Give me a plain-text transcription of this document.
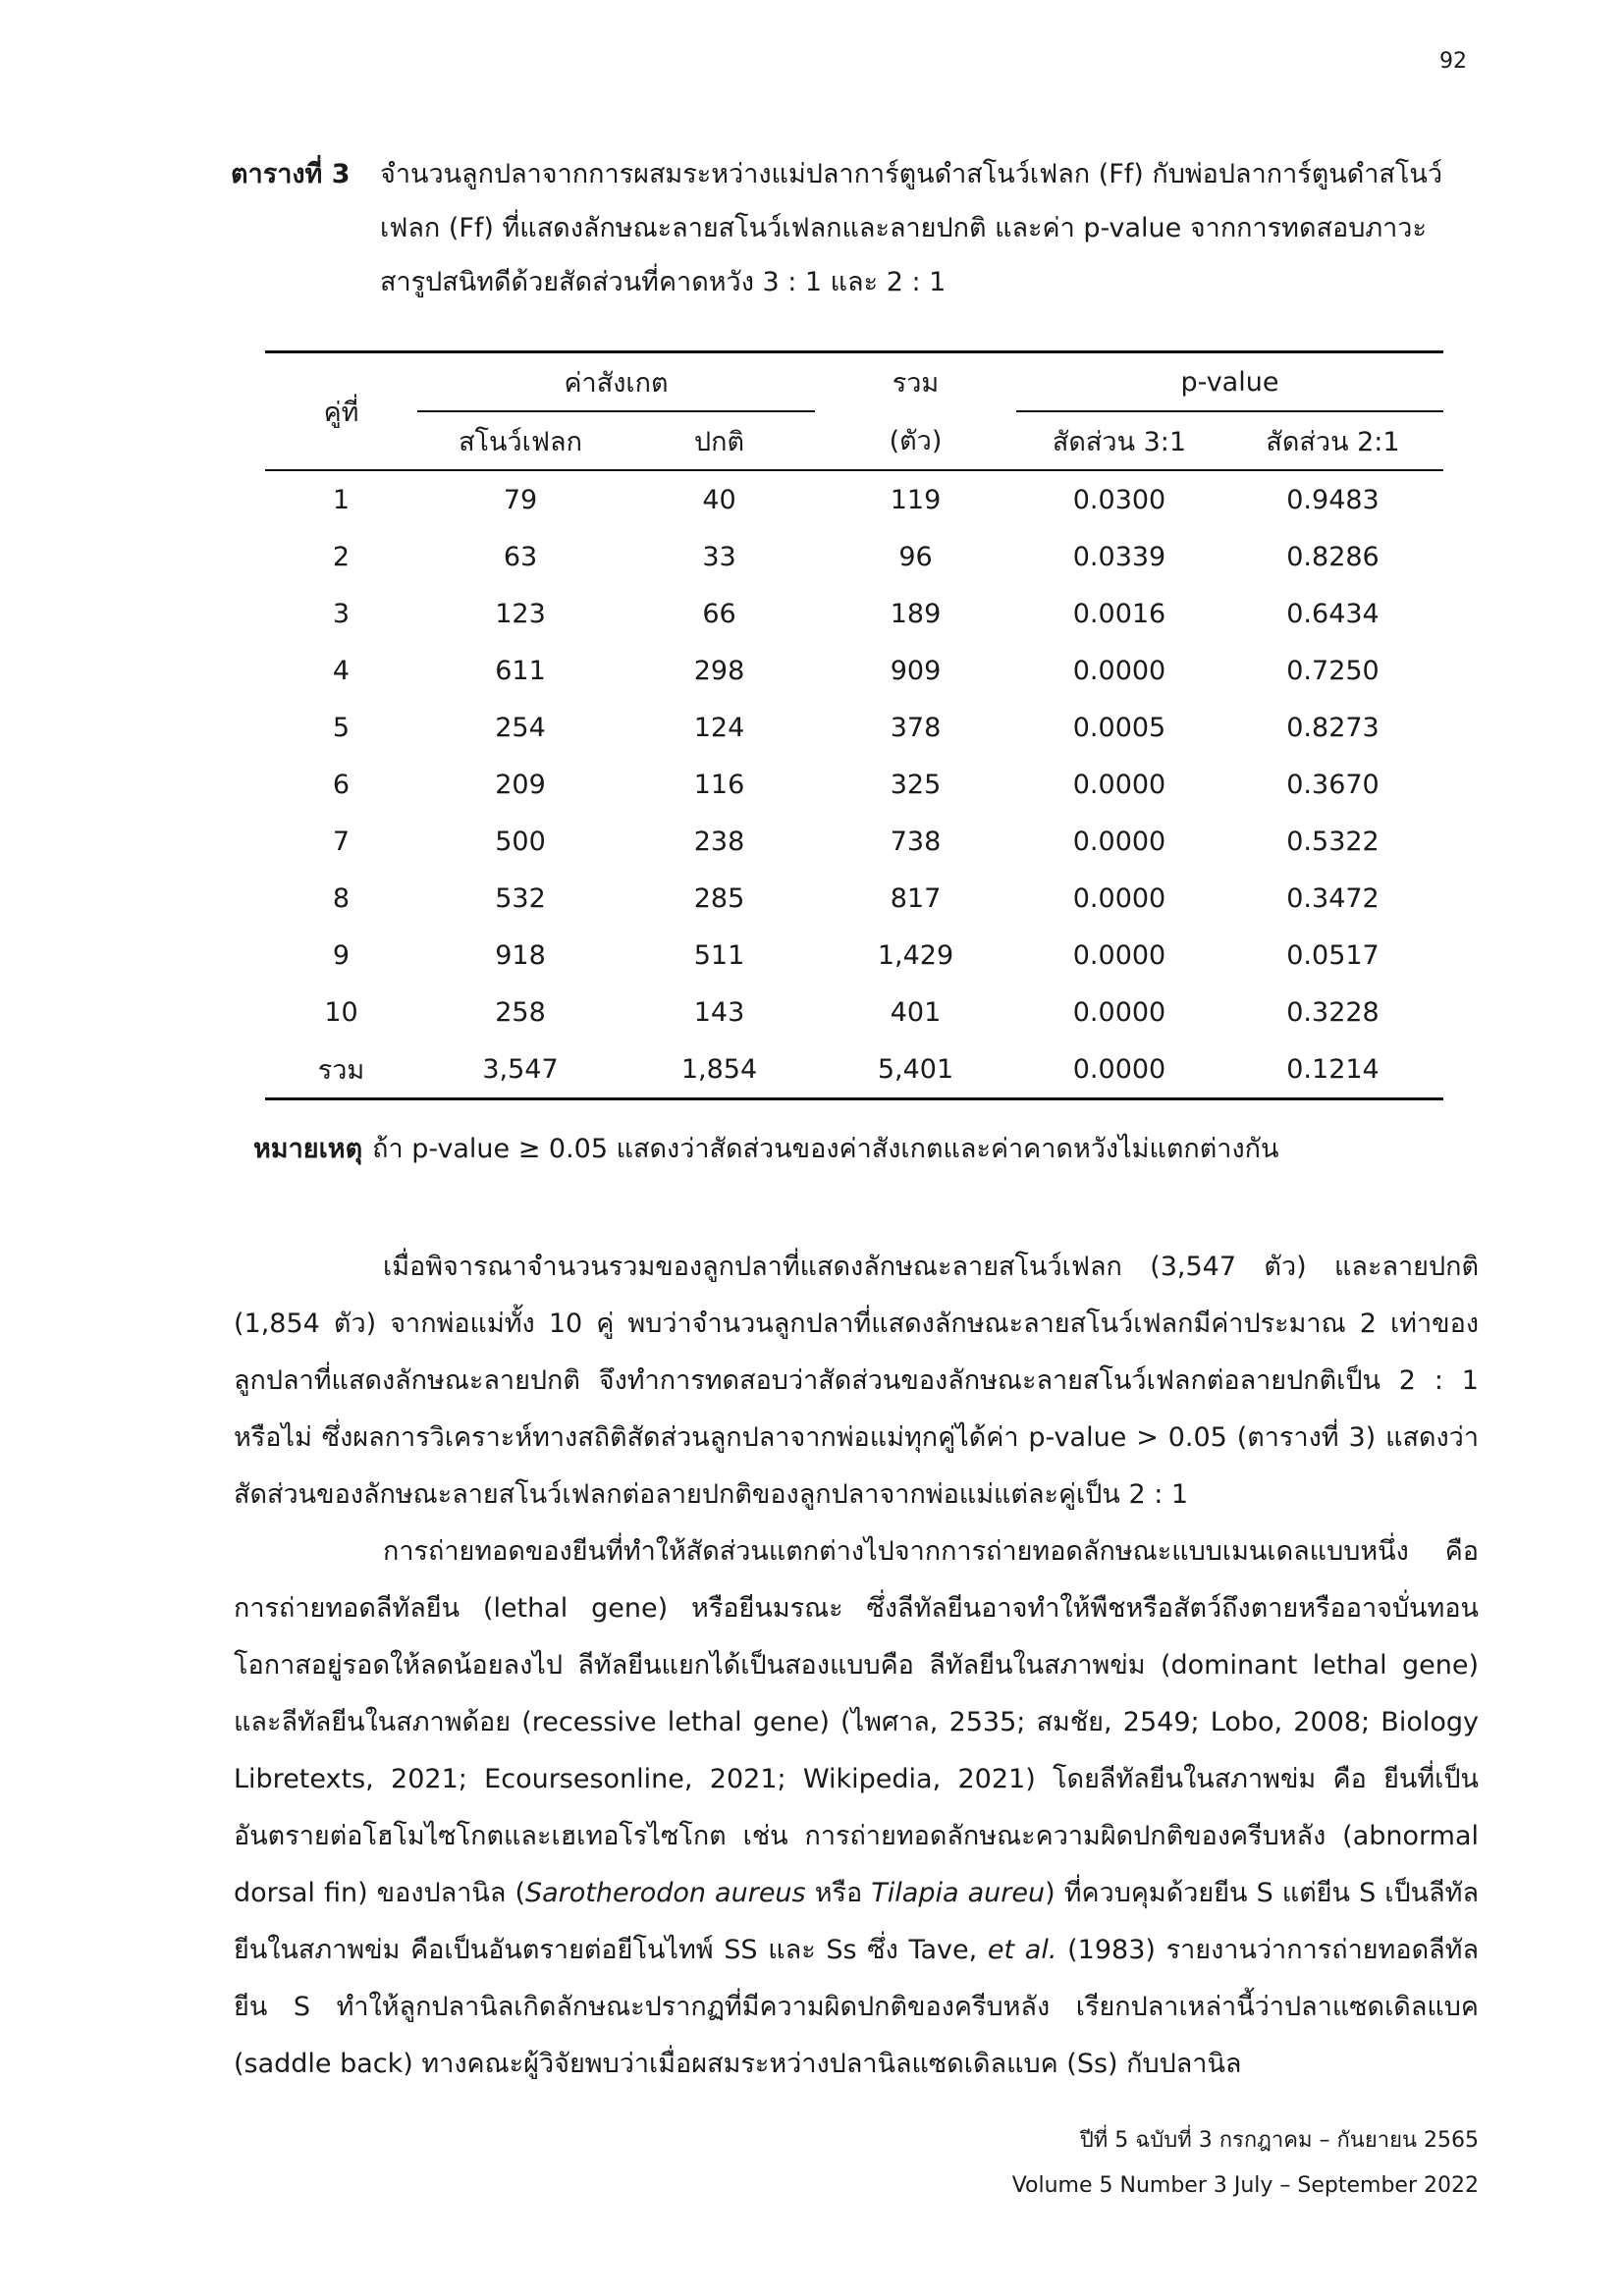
92
ตารางที่ 3	จำนวนลูกปลาจากการผสมระหว่างแม่ปลาการ์ตูนดำสโนว์เฟลก (Ff) กับพ่อปลาการ์ตูนดำสโนว์เฟลก (Ff) ที่แสดงลักษณะลายสโนว์เฟลกและลายปกติ และค่า p-value จากการทดสอบภาวะสารูปสนิทดีด้วยสัดส่วนที่คาดหวัง 3 : 1 และ 2 : 1
คู่ที่	ค่าสังเกต		รวม	p-value	
	สโนว์เฟลก	ปกติ	(ตัว)	สัดส่วน 3:1	สัดส่วน 2:1
1	79	40	119	0.0300	0.9483
2	63	33	96	0.0339	0.8286
3	123	66	189	0.0016	0.6434
4	611	298	909	0.0000	0.7250
5	254	124	378	0.0005	0.8273
6	209	116	325	0.0000	0.3670
7	500	238	738	0.0000	0.5322
8	532	285	817	0.0000	0.3472
9	918	511	1,429	0.0000	0.0517
10	258	143	401	0.0000	0.3228
รวม	3,547	1,854	5,401	0.0000	0.1214
หมายเหตุ ถ้า p-value ≥ 0.05 แสดงว่าสัดส่วนของค่าสังเกตและค่าคาดหวังไม่แตกต่างกัน

เมื่อพิจารณาจำนวนรวมของลูกปลาที่แสดงลักษณะลายสโนว์เฟลก (3,547 ตัว) และลายปกติ (1,854 ตัว) จากพ่อแม่ทั้ง 10 คู่ พบว่าจำนวนลูกปลาที่แสดงลักษณะลายสโนว์เฟลกมีค่าประมาณ 2 เท่าของลูกปลาที่แสดงลักษณะลายปกติ จึงทำการทดสอบว่าสัดส่วนของลักษณะลายสโนว์เฟลกต่อลายปกติเป็น 2 : 1 หรือไม่ ซึ่งผลการวิเคราะห์ทางสถิติสัดส่วนลูกปลาจากพ่อแม่ทุกคู่ได้ค่า p-value > 0.05 (ตารางที่ 3) แสดงว่าสัดส่วนของลักษณะลายสโนว์เฟลกต่อลายปกติของลูกปลาจากพ่อแม่แต่ละคู่เป็น 2 : 1

การถ่ายทอดของยีนที่ทำให้สัดส่วนแตกต่างไปจากการถ่ายทอดลักษณะแบบเมนเดลแบบหนึ่ง คือ การถ่ายทอดลีทัลยีน (lethal gene) หรือยีนมรณะ ซึ่งลีทัลยีนอาจทำให้พืชหรือสัตว์ถึงตายหรืออาจบั่นทอนโอกาสอยู่รอดให้ลดน้อยลงไป ลีทัลยีนแยกได้เป็นสองแบบคือ ลีทัลยีนในสภาพข่ม (dominant lethal gene) และลีทัลยีนในสภาพด้อย (recessive lethal gene) (ไพศาล, 2535; สมชัย, 2549; Lobo, 2008; Biology Libretexts, 2021; Ecoursesonline, 2021; Wikipedia, 2021) โดยลีทัลยีนในสภาพข่ม คือ ยีนที่เป็นอันตรายต่อโฮโมไซโกตและเฮเทอโรไซโกต เช่น การถ่ายทอดลักษณะความผิดปกติของครีบหลัง (abnormal dorsal fin) ของปลานิล (Sarotherodon aureus หรือ Tilapia aureu) ที่ควบคุมด้วยยีน S แต่ยีน S เป็นลีทัลยีนในสภาพข่ม คือเป็นอันตรายต่อยีโนไทพ์ SS และ Ss ซึ่ง Tave, et al. (1983) รายงานว่าการถ่ายทอดลีทัลยีน S ทำให้ลูกปลานิลเกิดลักษณะปรากฏที่มีความผิดปกติของครีบหลัง เรียกปลาเหล่านี้ว่าปลาแซดเดิลแบค (saddle back) ทางคณะผู้วิจัยพบว่าเมื่อผสมระหว่างปลานิลแซดเดิลแบค (Ss) กับปลานิล

ปีที่ 5 ฉบับที่ 3 กรกฎาคม – กันยายน 2565
Volume 5 Number 3 July – September 2022
